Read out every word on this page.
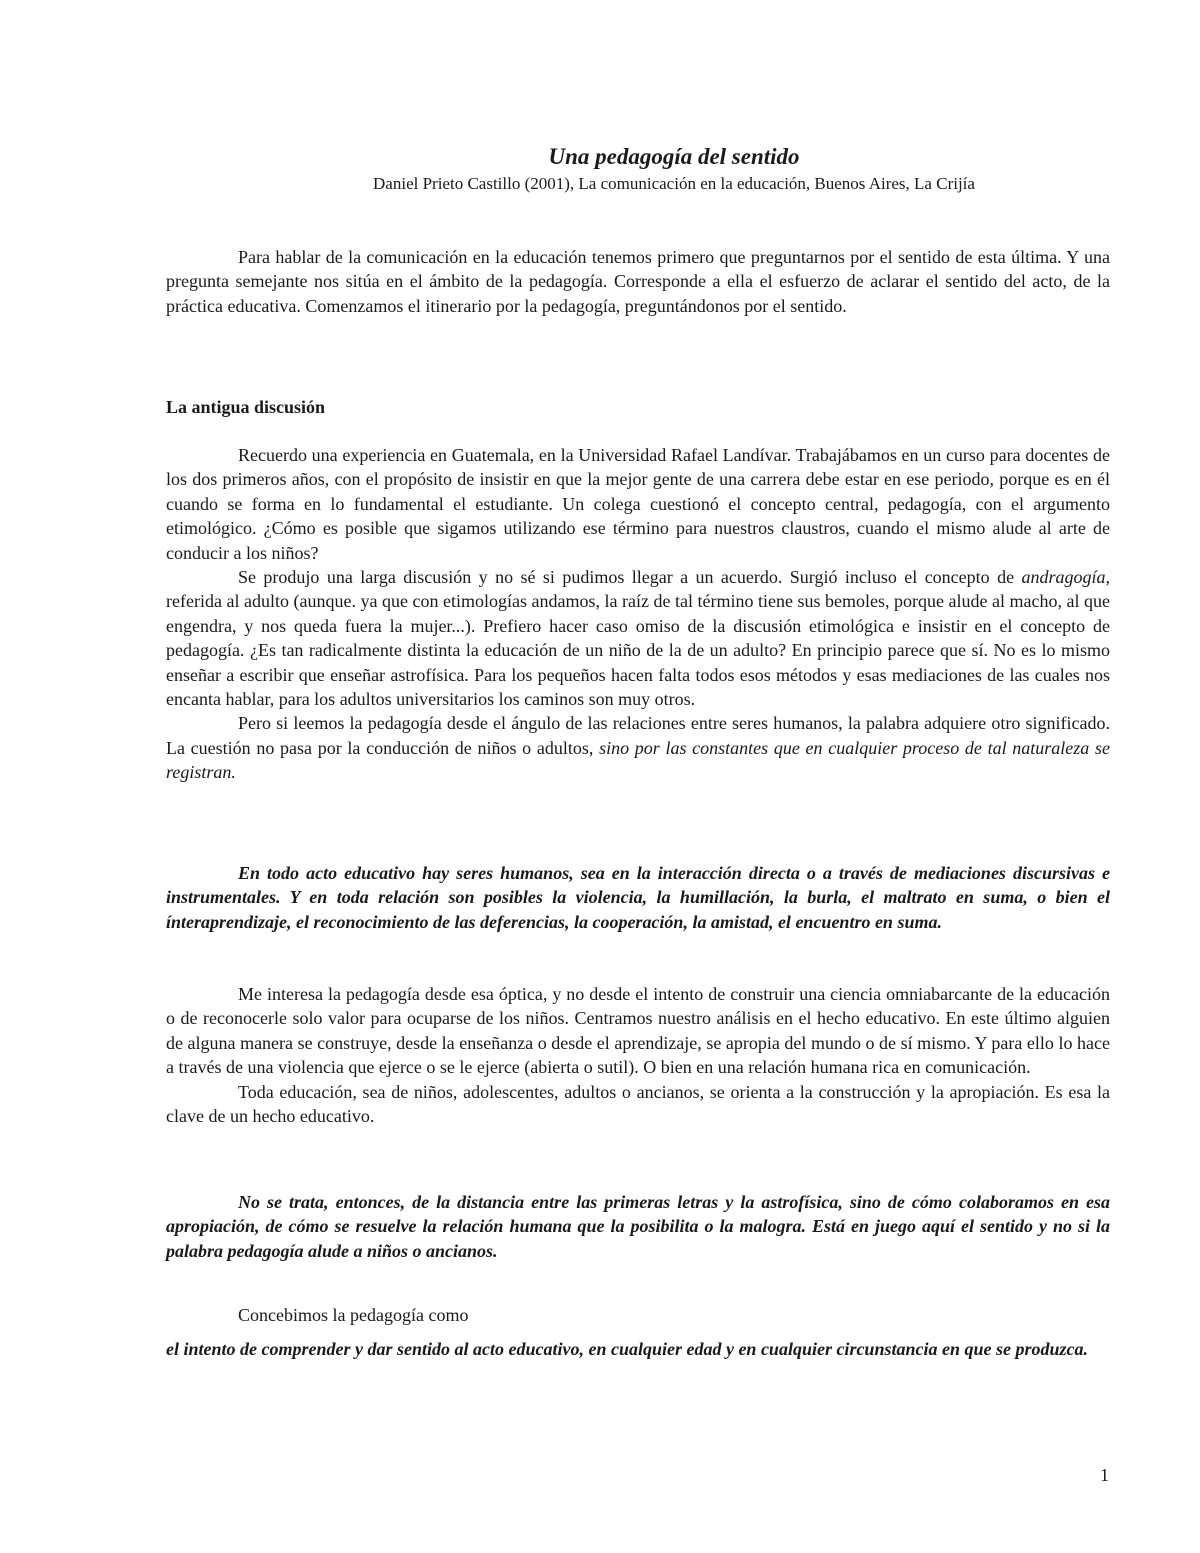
Una pedagogía del sentido
Daniel Prieto Castillo (2001), La comunicación en la educación, Buenos Aires, La Crijía

Para hablar de la comunicación en la educación tenemos primero que preguntarnos por el sentido de esta última. Y una pregunta semejante nos sitúa en el ámbito de la pedagogía. Corresponde a ella el esfuerzo de aclarar el sentido del acto, de la práctica educativa. Comenzamos el itinerario por la pedagogía, preguntándonos por el sentido.

La antigua discusión

Recuerdo una experiencia en Guatemala, en la Universidad Rafael Landívar. Trabajábamos en un curso para docentes de los dos primeros años, con el propósito de insistir en que la mejor gente de una carrera debe estar en ese periodo, porque es en él cuando se forma en lo fundamental el estudiante. Un colega cuestionó el concepto central, pedagogía, con el argumento etimológico. ¿Cómo es posible que sigamos utilizando ese término para nuestros claustros, cuando el mismo alude al arte de conducir a los niños?

Se produjo una larga discusión y no sé si pudimos llegar a un acuerdo. Surgió incluso el concepto de andragogía, referida al adulto (aunque. ya que con etimologías andamos, la raíz de tal término tiene sus bemoles, porque alude al macho, al que engendra, y nos queda fuera la mujer...). Prefiero hacer caso omiso de la discusión etimológica e insistir en el concepto de pedagogía. ¿Es tan radicalmente distinta la educación de un niño de la de un adulto? En principio parece que sí. No es lo mismo enseñar a escribir que enseñar astrofísica. Para los pequeños hacen falta todos esos métodos y esas mediaciones de las cuales nos encanta hablar, para los adultos universitarios los caminos son muy otros.

Pero si leemos la pedagogía desde el ángulo de las relaciones entre seres humanos, la palabra adquiere otro significado. La cuestión no pasa por la conducción de niños o adultos, sino por las constantes que en cualquier proceso de tal naturaleza se registran.

En todo acto educativo hay seres humanos, sea en la interacción directa o a través de mediaciones discursivas e instrumentales. Y en toda relación son posibles la violencia, la humillación, la burla, el maltrato en suma, o bien el ínteraprendizaje, el reconocimiento de las deferencias, la cooperación, la amistad, el encuentro en suma.

Me interesa la pedagogía desde esa óptica, y no desde el intento de construir una ciencia omniabarcante de la educación o de reconocerle solo valor para ocuparse de los niños. Centramos nuestro análisis en el hecho educativo. En este último alguien de alguna manera se construye, desde la enseñanza o desde el aprendizaje, se apropia del mundo o de sí mismo. Y para ello lo hace a través de una violencia que ejerce o se le ejerce (abierta o sutil). O bien en una relación humana rica en comunicación.

Toda educación, sea de niños, adolescentes, adultos o ancianos, se orienta a la construcción y la apropiación. Es esa la clave de un hecho educativo.

No se trata, entonces, de la distancia entre las primeras letras y la astrofísica, sino de cómo colaboramos en esa apropiación, de cómo se resuelve la relación humana que la posibilita o la malogra. Está en juego aquí el sentido y no si la palabra pedagogía alude a niños o ancianos.

Concebimos la pedagogía como

el intento de comprender y dar sentido al acto educativo, en cualquier edad y en cualquier circunstancia en que se produzca.

1
